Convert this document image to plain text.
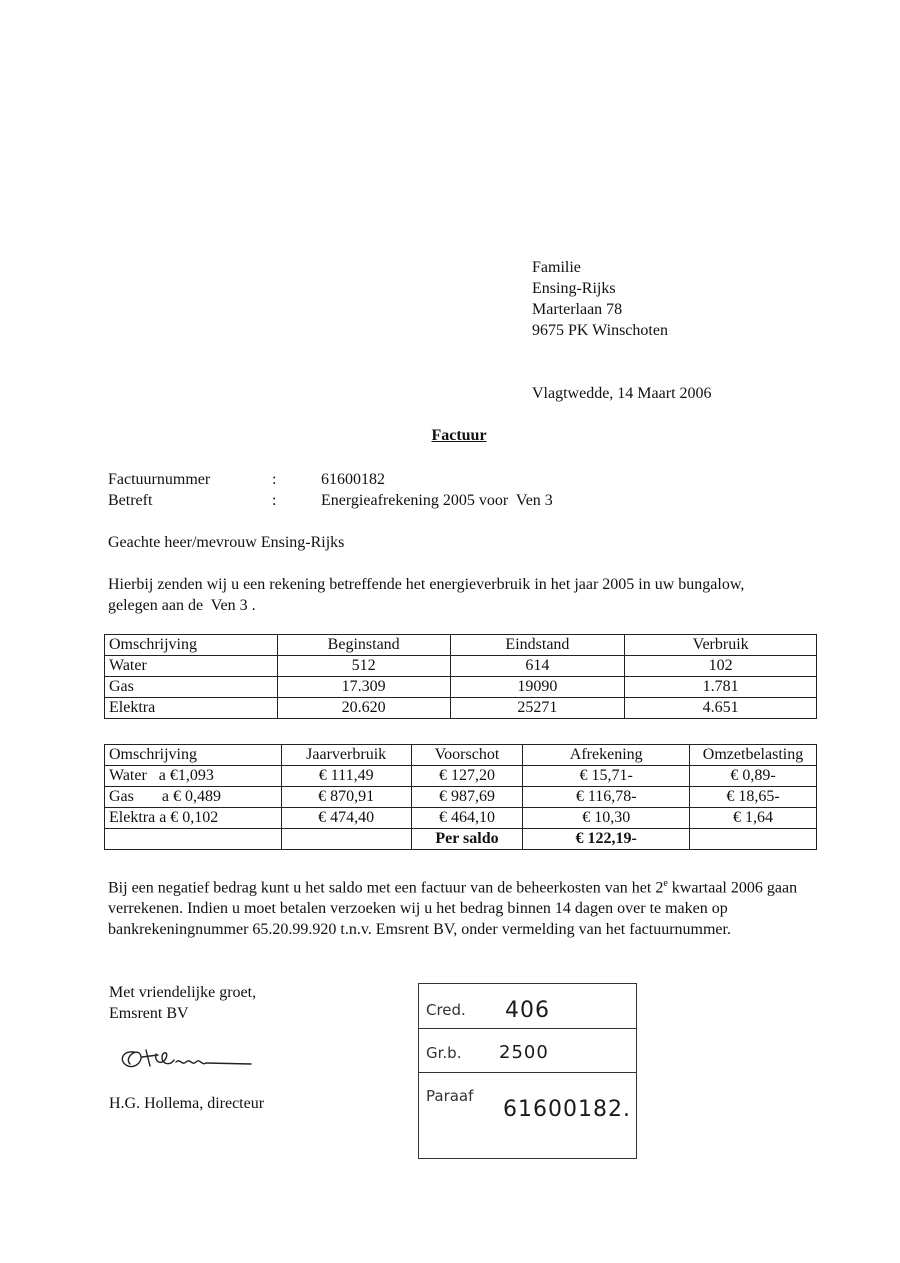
Familie
Ensing-Rijks
Marterlaan 78
9675 PK Winschoten
Vlagtwedde, 14 Maart 2006
Factuur
Factuurnummer	:	61600182
Betreft	:	Energieafrekening 2005 voor  Ven 3
Geachte heer/mevrouw Ensing-Rijks
Hierbij zenden wij u een rekening betreffende het energieverbruik in het jaar 2005 in uw bungalow, gelegen aan de  Ven 3 .
Omschrijving	Beginstand	Eindstand	Verbruik
Water	512	614	102
Gas	17.309	19090	1.781
Elektra	20.620	25271	4.651
Omschrijving	Jaarverbruik	Voorschot	Afrekening	Omzetbelasting
Water   a €1,093	€ 111,49	€ 127,20	€ 15,71-	€ 0,89-
Gas       a € 0,489	€ 870,91	€ 987,69	€ 116,78-	€ 18,65-
Elektra a € 0,102	€ 474,40	€ 464,10	€ 10,30	€ 1,64
		Per saldo	€ 122,19-	
Bij een negatief bedrag kunt u het saldo met een factuur van de beheerkosten van het 2e kwartaal 2006 gaan verrekenen. Indien u moet betalen verzoeken wij u het bedrag binnen 14 dagen over te maken op bankrekeningnummer 65.20.99.920 t.n.v. Emsrent BV, onder vermelding van het factuurnummer.
Met vriendelijke groet,
Emsrent BV
H.G. Hollema, directeur
Cred. 406
Gr.b. 2500
Paraaf
61600182.
